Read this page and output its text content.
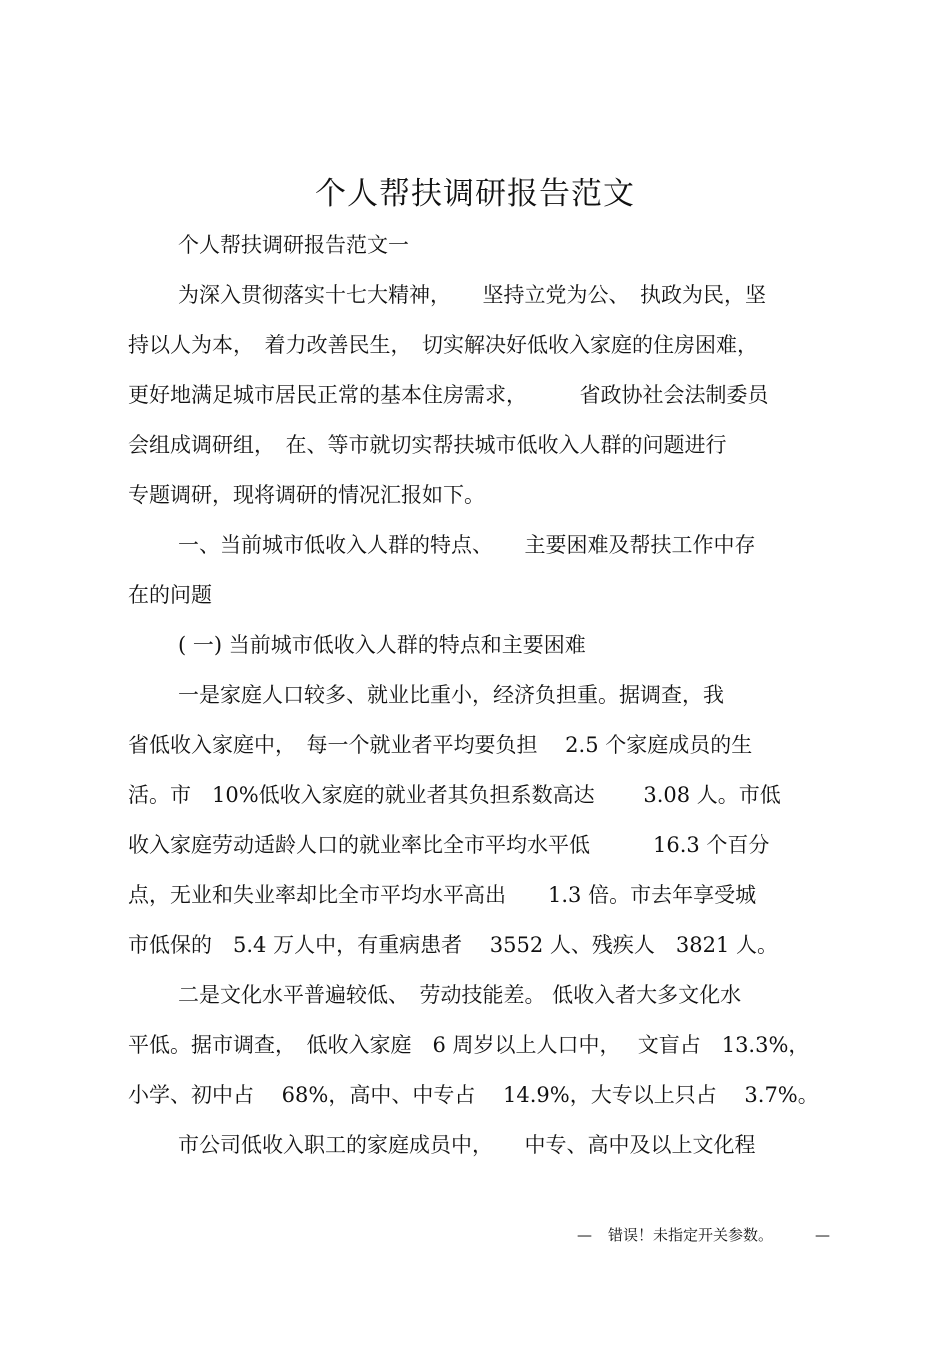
个人帮扶调研报告范文
个人帮扶调研报告范文一
为深入贯彻落实十七大精神，　　坚持立党为公、　执政为民，坚
持以人为本，　着力改善民生，　切实解决好低收入家庭的住房困难，
更好地满足城市居民正常的基本住房需求，　　　省政协社会法制委员
会组成调研组，　在、等市就切实帮扶城市低收入人群的问题进行
专题调研，现将调研的情况汇报如下。
一、当前城市低收入人群的特点、　　主要困难及帮扶工作中存
在的问题
( 一) 当前城市低收入人群的特点和主要困难
一是家庭人口较多、就业比重小，经济负担重。据调查，我
省低收入家庭中，　每一个就业者平均要负担　 2.5 个家庭成员的生
活。市　10%低收入家庭的就业者其负担系数高达　　 3.08 人。市低
收入家庭劳动适龄人口的就业率比全市平均水平低　　　16.3 个百分
点，无业和失业率却比全市平均水平高出　　1.3 倍。市去年享受城
市低保的　5.4 万人中，有重病患者　 3552 人、残疾人　3821 人。
二是文化水平普遍较低、　劳动技能差。 低收入者大多文化水
平低。据市调查，　低收入家庭　6 周岁以上人口中，　 文盲占　13.3%，
小学、初中占　 68%，高中、中专占　 14.9%，大专以上只占　 3.7%。
市公司低收入职工的家庭成员中，　　中专、高中及以上文化程
— 错误！未指定开关参数。	—
